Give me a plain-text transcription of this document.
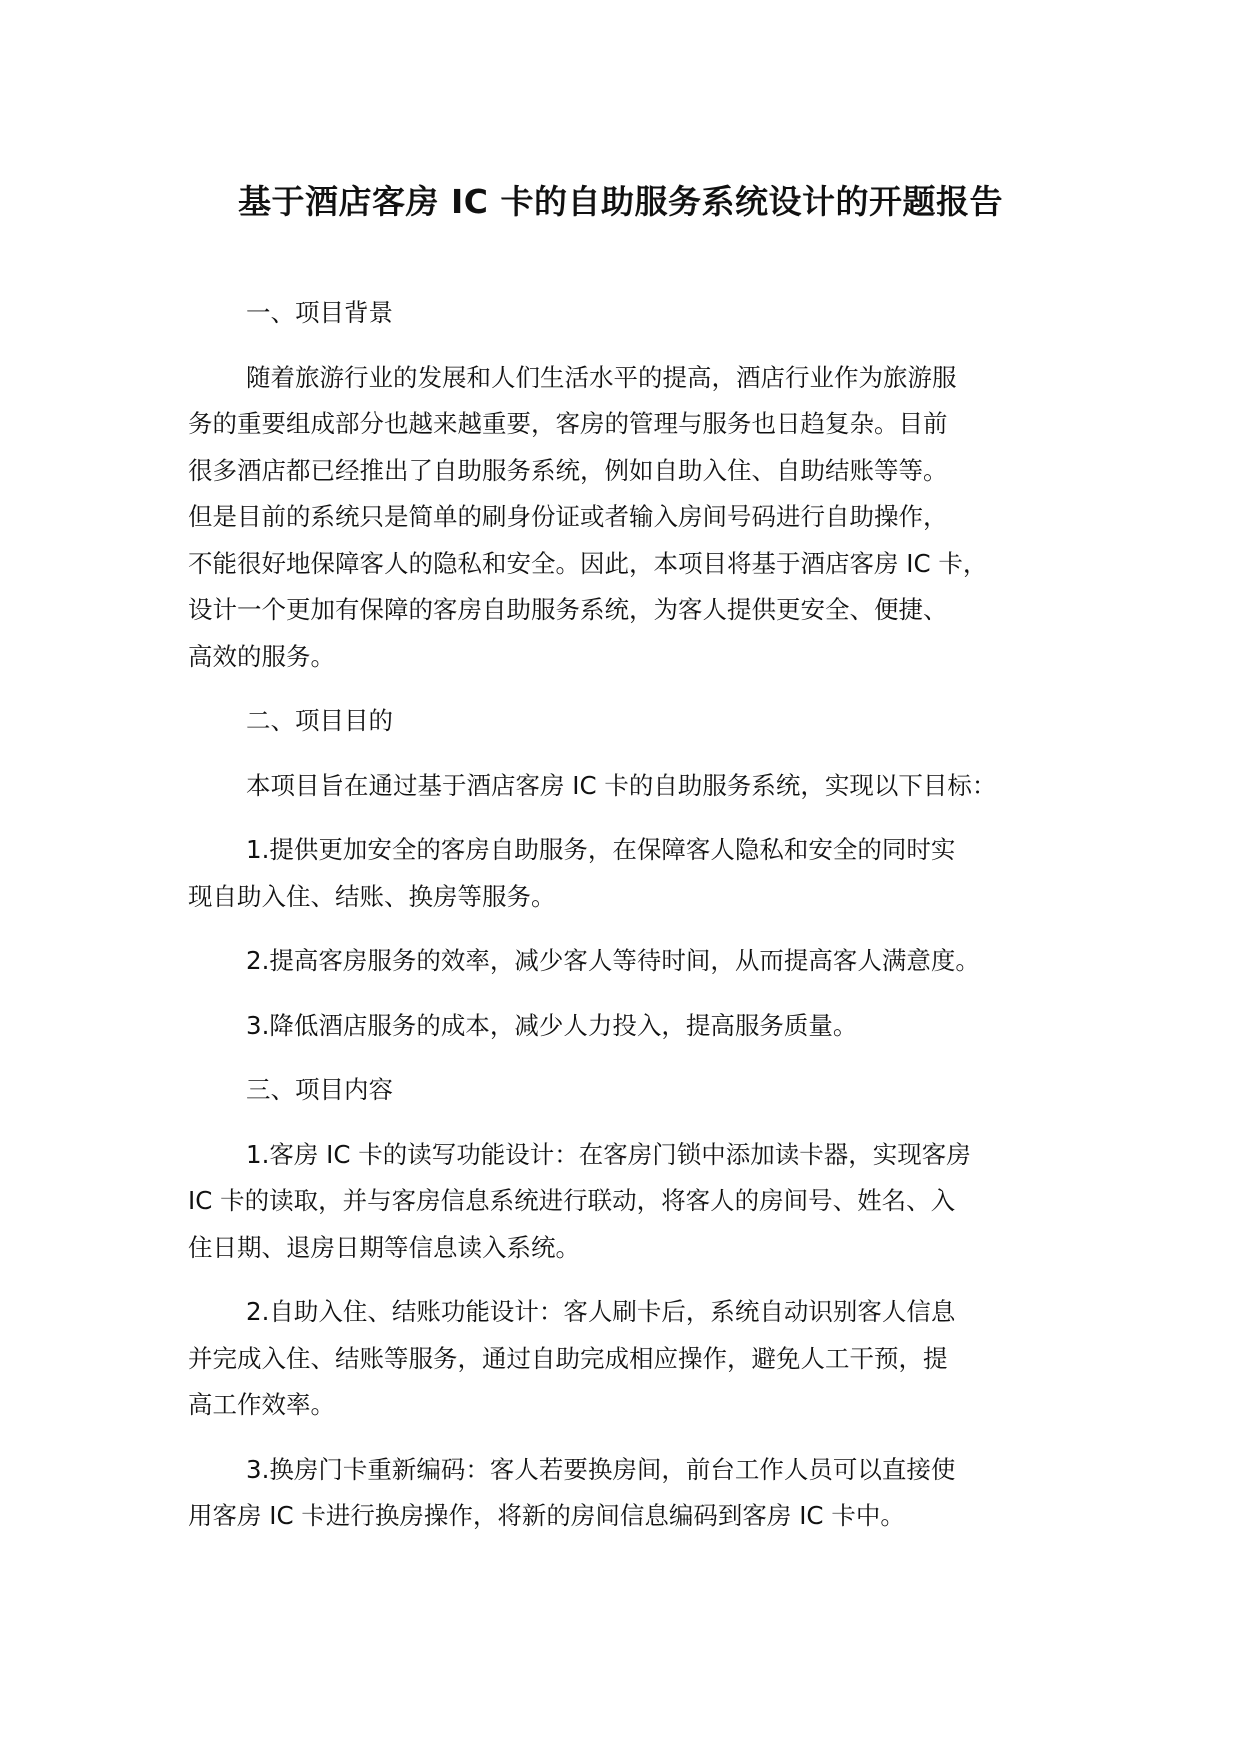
基于酒店客房 IC 卡的自助服务系统设计的开题报告
一、项目背景
随着旅游行业的发展和人们生活水平的提高，酒店行业作为旅游服
务的重要组成部分也越来越重要，客房的管理与服务也日趋复杂。目前
很多酒店都已经推出了自助服务系统，例如自助入住、自助结账等等。
但是目前的系统只是简单的刷身份证或者输入房间号码进行自助操作，
不能很好地保障客人的隐私和安全。因此，本项目将基于酒店客房 IC 卡，
设计一个更加有保障的客房自助服务系统，为客人提供更安全、便捷、
高效的服务。
二、项目目的
本项目旨在通过基于酒店客房 IC 卡的自助服务系统，实现以下目标：
1.提供更加安全的客房自助服务，在保障客人隐私和安全的同时实
现自助入住、结账、换房等服务。
2.提高客房服务的效率，减少客人等待时间，从而提高客人满意度。
3.降低酒店服务的成本，减少人力投入，提高服务质量。
三、项目内容
1.客房 IC 卡的读写功能设计：在客房门锁中添加读卡器，实现客房
IC 卡的读取，并与客房信息系统进行联动，将客人的房间号、姓名、入
住日期、退房日期等信息读入系统。
2.自助入住、结账功能设计：客人刷卡后，系统自动识别客人信息
并完成入住、结账等服务，通过自助完成相应操作，避免人工干预，提
高工作效率。
3.换房门卡重新编码：客人若要换房间，前台工作人员可以直接使
用客房 IC 卡进行换房操作，将新的房间信息编码到客房 IC 卡中。
